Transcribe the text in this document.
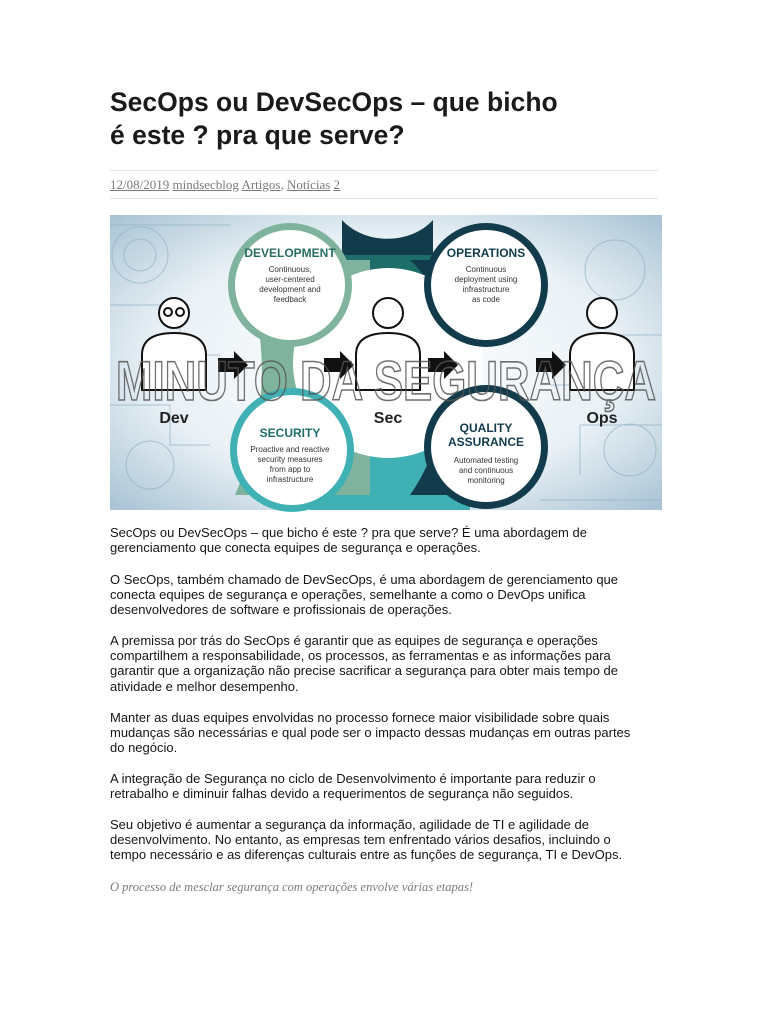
SecOps ou DevSecOps – que bicho
é este ? pra que serve?
12/08/2019 mindsecblog Artigos, Notícias 2
DEVELOPMENT
Continuous,
user-centered
development and
feedback
OPERATIONS
Continuous
deployment using
infrastructure
as code
SECURITY
Proactive and reactive
security measures
from app to
infrastructure
QUALITY
ASSURANCE
Automated testing
and continuous
monitoring
MINUTO DA SEGURANÇA
Dev	Sec	Ops

SecOps ou DevSecOps – que bicho é este ? pra que serve? É uma abordagem de
gerenciamento que conecta equipes de segurança e operações.

O SecOps, também chamado de DevSecOps, é uma abordagem de gerenciamento que
conecta equipes de segurança e operações, semelhante a como o DevOps unifica
desenvolvedores de software e profissionais de operações.

A premissa por trás do SecOps é garantir que as equipes de segurança e operações
compartilhem a responsabilidade, os processos, as ferramentas e as informações para
garantir que a organização não precise sacrificar a segurança para obter mais tempo de
atividade e melhor desempenho.

Manter as duas equipes envolvidas no processo fornece maior visibilidade sobre quais
mudanças são necessárias e qual pode ser o impacto dessas mudanças em outras partes
do negócio.

A integração de Segurança no ciclo de Desenvolvimento é importante para reduzir o
retrabalho e diminuir falhas devido a requerimentos de segurança não seguidos.

Seu objetivo é aumentar a segurança da informação, agilidade de TI e agilidade de
desenvolvimento. No entanto, as empresas tem enfrentado vários desafios, incluindo o
tempo necessário e as diferenças culturais entre as funções de segurança, TI e DevOps.

O processo de mesclar segurança com operações envolve várias etapas!
